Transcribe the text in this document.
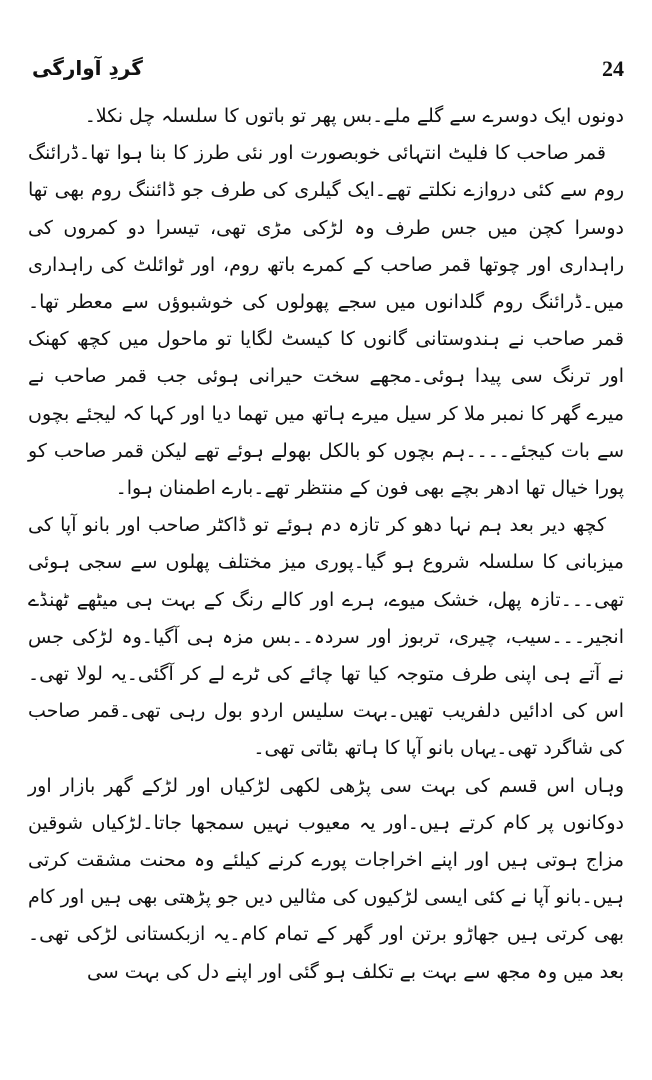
گردِ آوارگی	24

دونوں ایک دوسرے سے گلے ملے۔بس پھر تو باتوں کا سلسلہ چل نکلا۔

قمر صاحب کا فلیٹ انتہائی خوبصورت اور نئی طرز کا بنا ہوا تھا۔ڈرائنگ روم سے کئی دروازے نکلتے تھے۔ایک گیلری کی طرف جو ڈائننگ روم بھی تھا دوسرا کچن میں جس طرف وہ لڑکی مڑی تھی، تیسرا دو کمروں کی راہداری اور چوتھا قمر صاحب کے کمرے باتھ روم، اور ٹوائلٹ کی راہداری میں۔ڈرائنگ روم گلدانوں میں سجے پھولوں کی خوشبوؤں سے معطر تھا۔قمر صاحب نے ہندوستانی گانوں کا کیسٹ لگایا تو ماحول میں کچھ کھنک اور ترنگ سی پیدا ہوئی۔مجھے سخت حیرانی ہوئی جب قمر صاحب نے میرے گھر کا نمبر ملا کر سیل میرے ہاتھ میں تھما دیا اور کہا کہ لیجئے بچوں سے بات کیجئے۔۔۔۔ہم بچوں کو بالکل بھولے ہوئے تھے لیکن قمر صاحب کو پورا خیال تھا ادھر بچے بھی فون کے منتظر تھے۔بارے اطمنان ہوا۔

کچھ دیر بعد ہم نہا دھو کر تازہ دم ہوئے تو ڈاکٹر صاحب اور بانو آپا کی میزبانی کا سلسلہ شروع ہو گیا۔پوری میز مختلف پھلوں سے سجی ہوئی تھی۔۔۔تازہ پھل، خشک میوے، ہرے اور کالے رنگ کے بہت ہی میٹھے ٹھنڈے انجیر۔۔۔سیب، چیری، تربوز اور سردہ۔۔بس مزہ ہی آگیا۔وہ لڑکی جس نے آتے ہی اپنی طرف متوجہ کیا تھا چائے کی ٹرے لے کر آگئی۔یہ لولا تھی۔اس کی ادائیں دلفریب تھیں۔بہت سلیس اردو بول رہی تھی۔قمر صاحب کی شاگرد تھی۔یہاں بانو آپا کا ہاتھ بٹاتی تھی۔

وہاں اس قسم کی بہت سی پڑھی لکھی لڑکیاں اور لڑکے گھر بازار اور دوکانوں پر کام کرتے ہیں۔اور یہ معیوب نہیں سمجھا جاتا۔لڑکیاں شوقین مزاج ہوتی ہیں اور اپنے اخراجات پورے کرنے کیلئے وہ محنت مشقت کرتی ہیں۔بانو آپا نے کئی ایسی لڑکیوں کی مثالیں دیں جو پڑھتی بھی ہیں اور کام بھی کرتی ہیں جھاڑو برتن اور گھر کے تمام کام۔یہ ازبکستانی لڑکی تھی۔بعد میں وہ مجھ سے بہت بے تکلف ہو گئی اور اپنے دل کی بہت سی
